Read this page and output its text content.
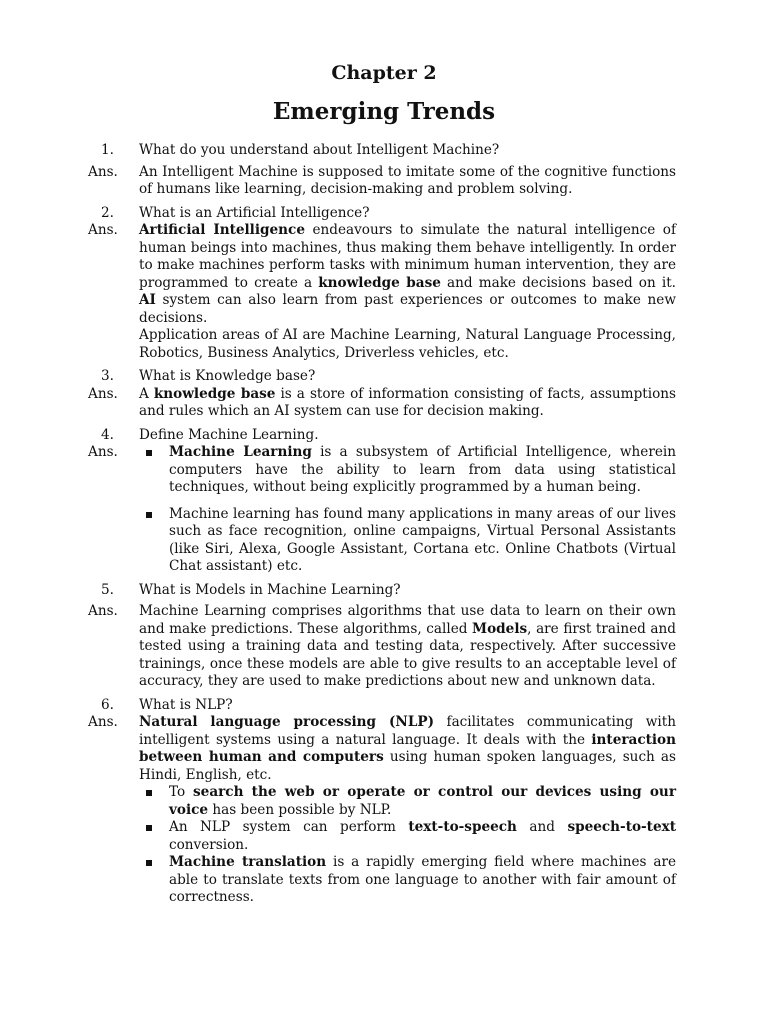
Chapter 2
Emerging Trends
1. What do you understand about Intelligent Machine?
Ans.	An Intelligent Machine is supposed to imitate some of the cognitive functions of humans like learning, decision-making and problem solving.
2. What is an Artificial Intelligence?
Ans.	Artificial Intelligence endeavours to simulate the natural intelligence of human beings into machines, thus making them behave intelligently. In order to make machines perform tasks with minimum human intervention, they are programmed to create a knowledge base and make decisions based on it. AI system can also learn from past experiences or outcomes to make new decisions.
Application areas of AI are Machine Learning, Natural Language Processing, Robotics, Business Analytics, Driverless vehicles, etc.
3. What is Knowledge base?
Ans.	A knowledge base is a store of information consisting of facts, assumptions and rules which an AI system can use for decision making.
4. Define Machine Learning.
Ans.	Machine Learning is a subsystem of Artificial Intelligence, wherein computers have the ability to learn from data using statistical techniques, without being explicitly programmed by a human being.
Machine learning has found many applications in many areas of our lives such as face recognition, online campaigns, Virtual Personal Assistants (like Siri, Alexa, Google Assistant, Cortana etc. Online Chatbots (Virtual Chat assistant) etc.
5. What is Models in Machine Learning?
Ans.	Machine Learning comprises algorithms that use data to learn on their own and make predictions. These algorithms, called Models, are first trained and tested using a training data and testing data, respectively. After successive trainings, once these models are able to give results to an acceptable level of accuracy, they are used to make predictions about new and unknown data.
6. What is NLP?
Ans.	Natural language processing (NLP) facilitates communicating with intelligent systems using a natural language. It deals with the interaction between human and computers using human spoken languages, such as Hindi, English, etc.
To search the web or operate or control our devices using our voice has been possible by NLP.
An NLP system can perform text-to-speech and speech-to-text conversion.
Machine translation is a rapidly emerging field where machines are able to translate texts from one language to another with fair amount of correctness.
